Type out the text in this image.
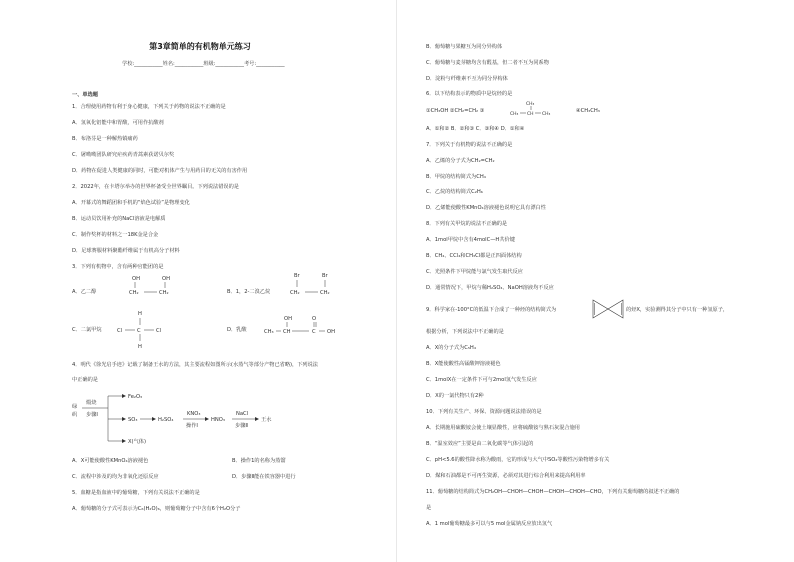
第3章简单的有机物单元练习
学校:___________姓名:___________班级:___________考号:___________
一、单选题
1．合理使用药物有利于身心健康，下列关于药物的说法不正确的是
A．氢氧化铝能中和胃酸，可用作抗酸剂
B．布洛芬是一种解热镇痛药
C．屠呦呦团队研究疟疾药青蒿素获诺贝尔奖
D．药物在促进人类健康的同时，可能对机体产生与用药目的无关的有害作用
2．2022年，在卡塔尔举办的世界杯备受全世界瞩目。下列说法错误的是
A．开幕式的舞蹈团和手机的“焰色试验”是物理变化
B．运动员饮用补充的NaCl溶液是电解质
C．制作奖杯的材料之一18K金是合金
D．足球赛服材料聚酯纤维属于有机高分子材料
3．下列有机物中，含有两种官能团的是
A．乙二醇
OH	OH
CH₂	CH₂	B．1，2-二溴乙烷
Br	Br
CH₂	CH₂
C．二氯甲烷
H
Cl	C	Cl
H
D．乳酸
OH	O
CH₃ CH	C OH
4．明代《徐光启手迹》记载了制备王水的方法，其主要流程如图所示(水蒸气等部分产物已省略)，下列说法
中正确的是
绿
矾
煅烧
步骤Ⅰ
Fe₂O₃
SO₃	H₂SO₄
KNO₃
操作Ⅰ
HNO₃
NaCl
步骤Ⅱ
王水
X(气体)
A．X可能使酸性KMnO₄溶液褪色	B．操作1的名称为蒸馏
C．流程中涉及的均为非氧化还原反应	D．步骤Ⅱ能在铁容器中进行
5．血糖是指血液中的葡萄糖，下列有关说法不正确的是
A．葡萄糖的分子式可表示为C₆(H₂O)₆，则葡萄糖分子中含有6个H₂O分子
B．葡萄糖与果糖互为同分异构体
C．葡萄糖与麦芽糖均含有醛基，但二者不互为同系物
D．淀粉与纤维素不互为同分异构体
6．以下结构表示的物质中是烷烃的是
①CH₃OH ②CH₂=CH₂ ③
CH₃
CH₃ CH CH₃
④CH₃CH₃
A．①和② B．②和③ C．③和④ D．①和④
7．下列关于有机物的说法不正确的是
A．乙烯的分子式为CH₂=CH₂
B．甲烷的结构简式为CH₄
C．乙烷的结构简式C₂H₆
D．乙烯能使酸性KMnO₄溶液褪色说明它具有漂白性
8．下列有关甲烷的说法不正确的是
A．1mol甲烷中含有4molC—H共价键
B．CH₄、CCl₄和CH₃Cl都是正四面体结构
C．光照条件下甲烷能与氯气发生取代反应
D．通常情况下，甲烷与稀H₂SO₄、NaOH溶液均不反应
9．科学家在-100°C的低温下合成了一种烃的结构简式为	的烃X，实验测得其分子中只有一种氢原子，
根据分析，下列说法中不正确的是
A．X的分子式为C₅H₄
B．X能使酸性高锰酸钾溶液褪色
C．1molX在一定条件下可与2mol氢气发生反应
D．X的一氯代物只有2种
10．下列有关生产、环保、资源问题说法错误的是
A．长期施用硫酸铵会使土壤显酸性，应将硫酸铵与熟石灰混合施用
B．“温室效应”主要是由二氧化碳等气体引起的
C．pH<5.6的酸性降水称为酸雨，它的形成与大气中SO₂等酸性污染物增多有关
D．煤和石油都是不可再生资源，必须对其进行综合利用来提高利用率
11．葡萄糖的结构简式为CH₂OH—CHOH—CHOH—CHOH—CHOH—CHO，下列有关葡萄糖的叙述不正确的
是
A．1 mol葡萄糖最多可以与5 mol金属钠反应放出氢气
